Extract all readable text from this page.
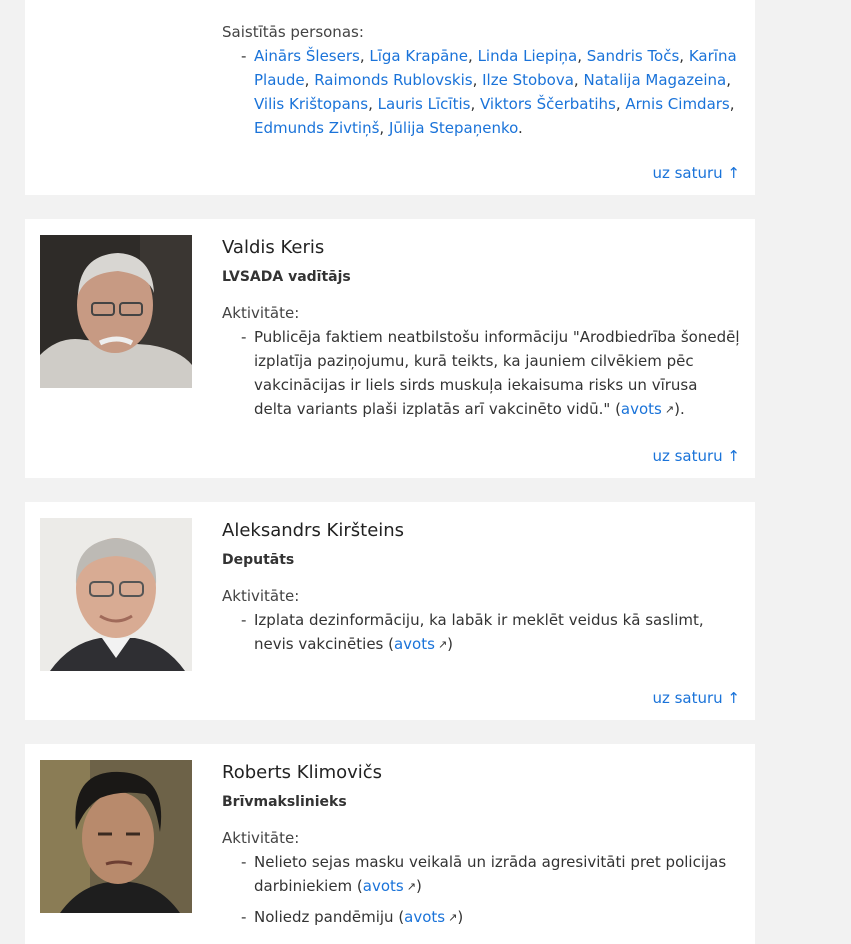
Saistītās personas:
- Ainārs Šlesers, Līga Krapāne, Linda Liepiņa, Sandris Točs, Karīna Plaude, Raimonds Rublovskis, Ilze Stobova, Natalija Magazeina, Vilis Krištopans, Lauris Līcītis, Viktors Ščerbatihs, Arnis Cimdars, Edmunds Zivtiņš, Jūlija Stepaņenko.
uz saturu ↑
Valdis Keris
LVSADA vadītājs
Aktivitāte:
- Publicēja faktiem neatbilstošu informāciju "Arodbiedrība šonedēļ izplatīja paziņojumu, kurā teikts, ka jauniem cilvēkiem pēc vakcinācijas ir liels sirds muskuļa iekaisuma risks un vīrusa delta variants plaši izplatās arī vakcinēto vidū." (avots ↗).
uz saturu ↑
Aleksandrs Kiršteins
Deputāts
Aktivitāte:
- Izplata dezinformāciju, ka labāk ir meklēt veidus kā saslimt, nevis vakcinēties (avots ↗)
uz saturu ↑
Roberts Klimovičs
Brīvmakslinieks
Aktivitāte:
- Nelieto sejas masku veikalā un izrāda agresivitāti pret policijas darbiniekiem (avots ↗)
- Noliedz pandēmiju (avots ↗)
